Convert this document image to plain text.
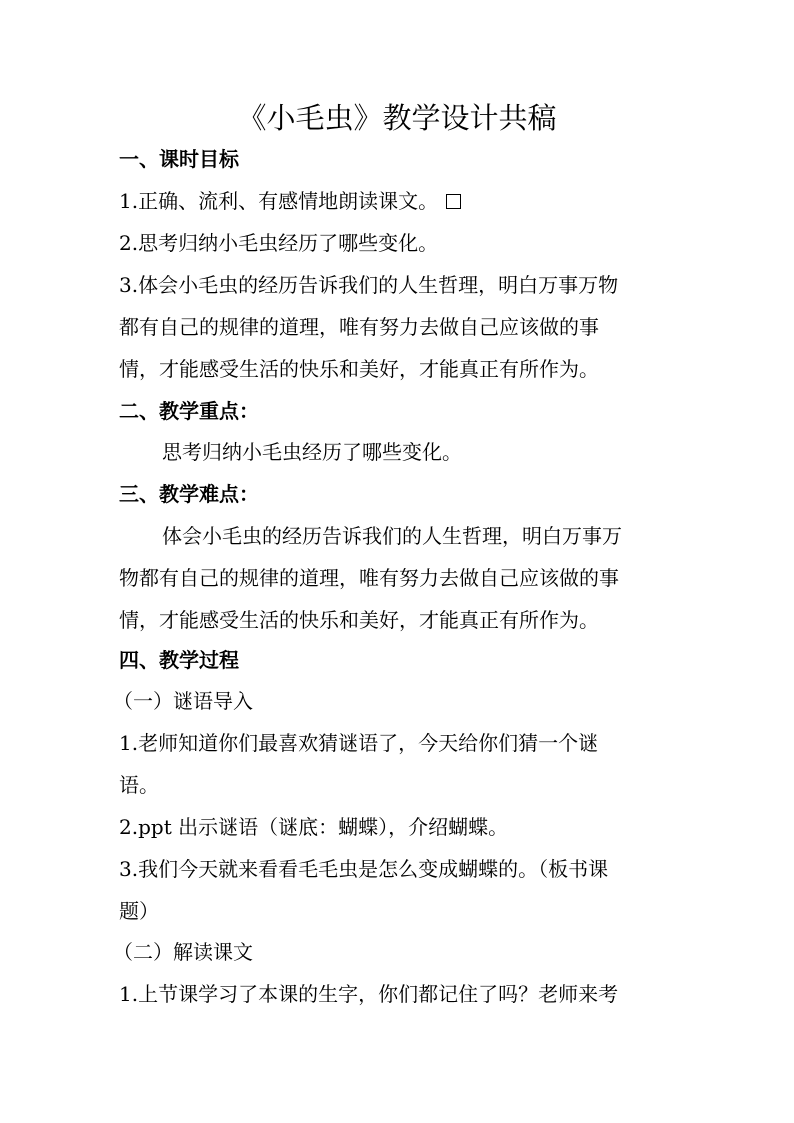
《小毛虫》教学设计共稿
一、课时目标
1.正确、流利、有感情地朗读课文。
2.思考归纳小毛虫经历了哪些变化。
3.体会小毛虫的经历告诉我们的人生哲理，明白万事万物
都有自己的规律的道理，唯有努力去做自己应该做的事
情，才能感受生活的快乐和美好，才能真正有所作为。
二、教学重点：
思考归纳小毛虫经历了哪些变化。
三、教学难点：
体会小毛虫的经历告诉我们的人生哲理，明白万事万
物都有自己的规律的道理，唯有努力去做自己应该做的事
情，才能感受生活的快乐和美好，才能真正有所作为。
四、教学过程
（一）谜语导入
1.老师知道你们最喜欢猜谜语了，今天给你们猜一个谜
语。
2.ppt 出示谜语（谜底：蝴蝶），介绍蝴蝶。
3.我们今天就来看看毛毛虫是怎么变成蝴蝶的。（板书课
题）
（二）解读课文
1.上节课学习了本课的生字，你们都记住了吗？老师来考
